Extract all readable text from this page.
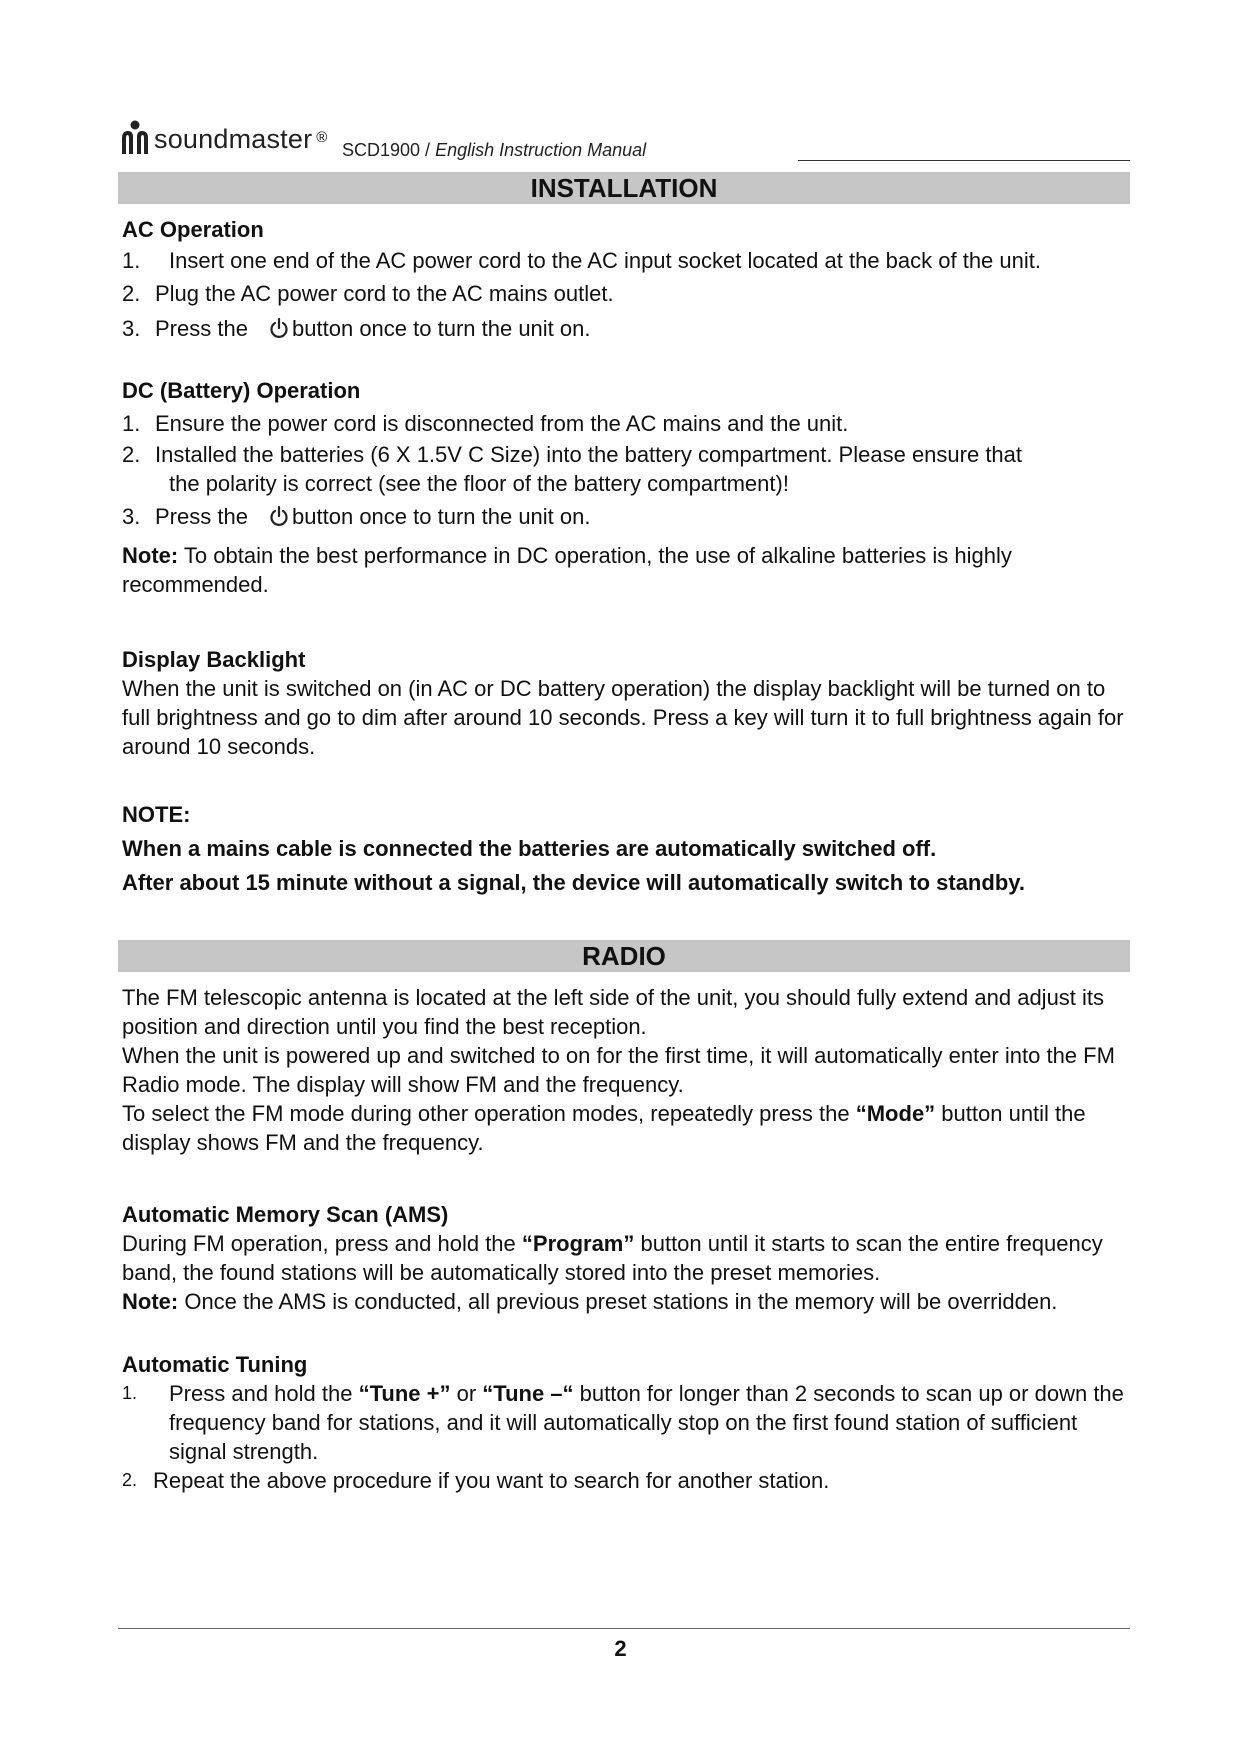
soundmaster ®
SCD1900 / English Instruction Manual
INSTALLATION
AC Operation
1. Insert one end of the AC power cord to the AC input socket located at the back of the unit.
2. Plug the AC power cord to the AC mains outlet.
3. Press the button once to turn the unit on.
DC (Battery) Operation
1. Ensure the power cord is disconnected from the AC mains and the unit.
2. Installed the batteries (6 X 1.5V C Size) into the battery compartment. Please ensure that
the polarity is correct (see the floor of the battery compartment)!
3. Press the button once to turn the unit on.
Note: To obtain the best performance in DC operation, the use of alkaline batteries is highly recommended.
Display Backlight
When the unit is switched on (in AC or DC battery operation) the display backlight will be turned on to full brightness and go to dim after around 10 seconds. Press a key will turn it to full brightness again for around 10 seconds.
NOTE:
When a mains cable is connected the batteries are automatically switched off.
After about 15 minute without a signal, the device will automatically switch to standby.
RADIO
The FM telescopic antenna is located at the left side of the unit, you should fully extend and adjust its position and direction until you find the best reception.
When the unit is powered up and switched to on for the first time, it will automatically enter into the FM Radio mode. The display will show FM and the frequency.
To select the FM mode during other operation modes, repeatedly press the “Mode” button until the display shows FM and the frequency.
Automatic Memory Scan (AMS)
During FM operation, press and hold the “Program” button until it starts to scan the entire frequency band, the found stations will be automatically stored into the preset memories.
Note: Once the AMS is conducted, all previous preset stations in the memory will be overridden.
Automatic Tuning
1. Press and hold the “Tune +” or “Tune –“ button for longer than 2 seconds to scan up or down the frequency band for stations, and it will automatically stop on the first found station of sufficient signal strength.
2. Repeat the above procedure if you want to search for another station.
2
